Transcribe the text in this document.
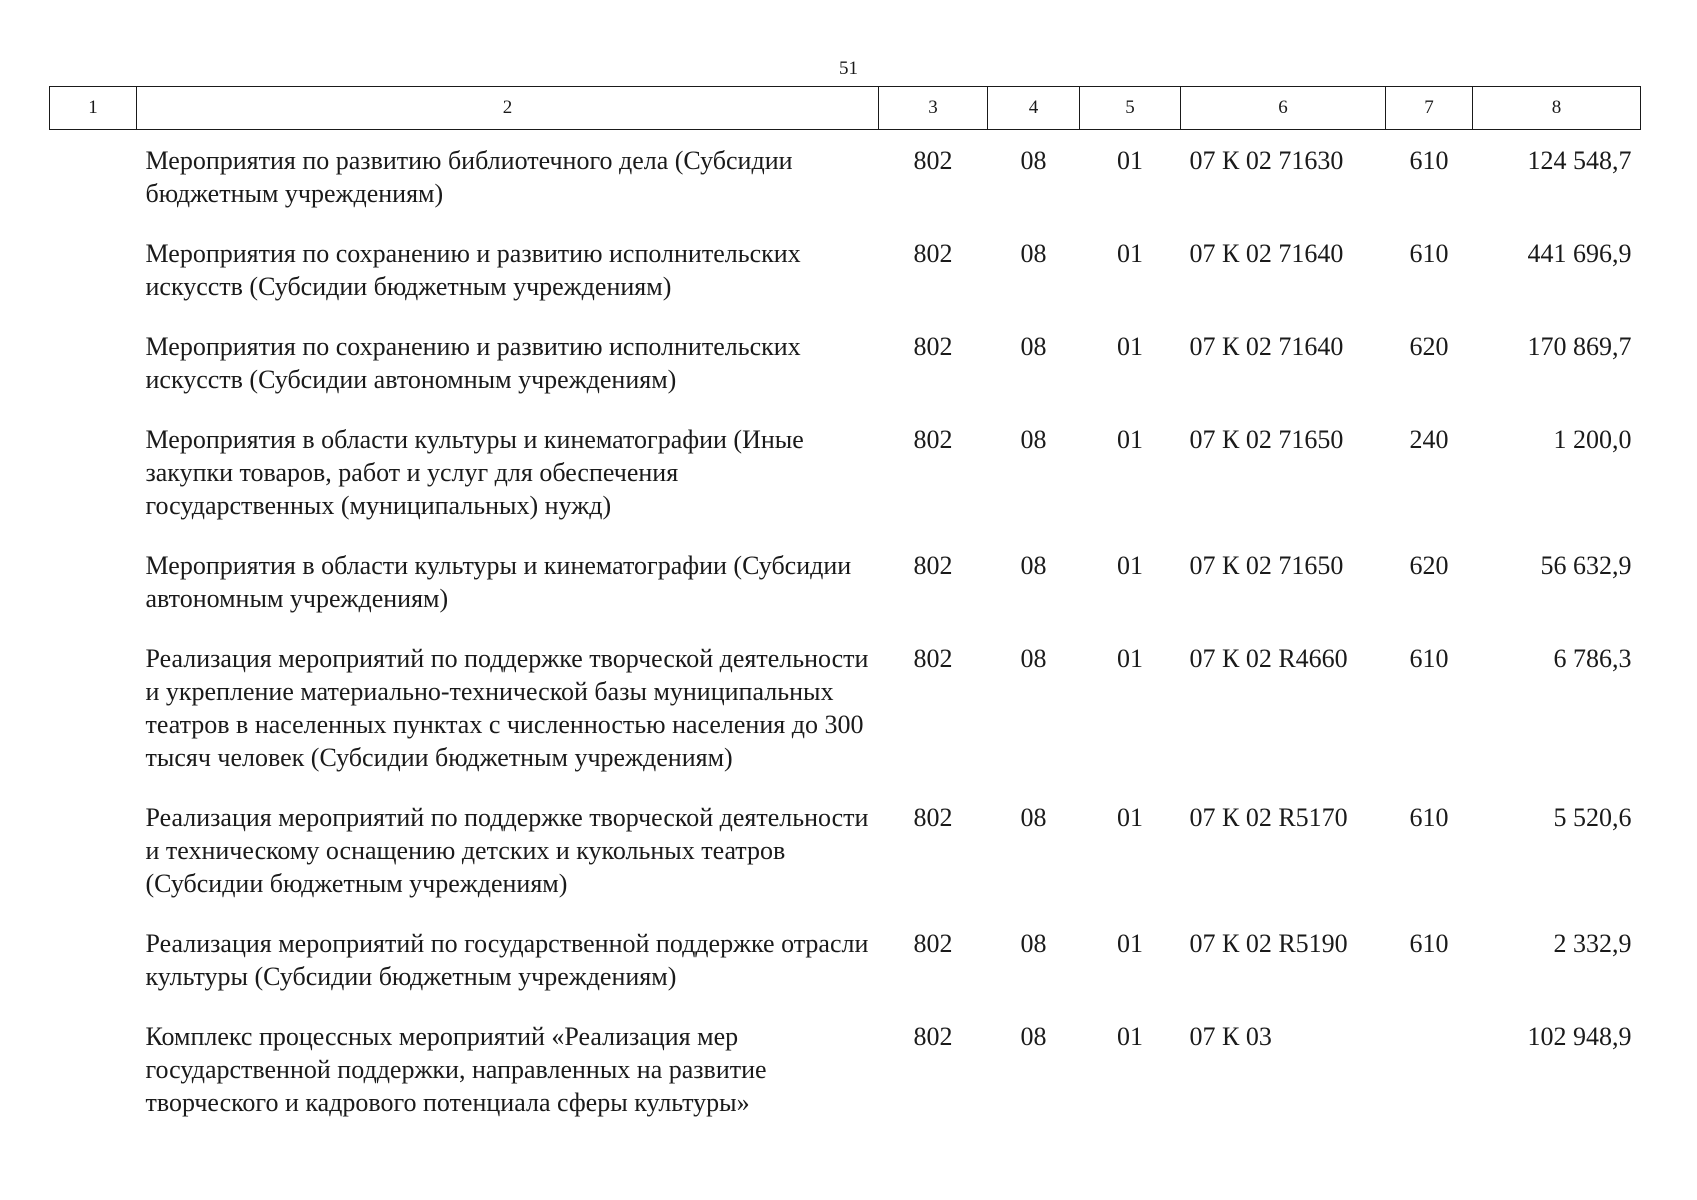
51
1	2	3	4	5	6	7	8
	Мероприятия по развитию библиотечного дела (Субсидии бюджетным учреждениям)	802	08	01	07 К 02 71630	610	124 548,7
	Мероприятия по сохранению и развитию исполнительских искусств (Субсидии бюджетным учреждениям)	802	08	01	07 К 02 71640	610	441 696,9
	Мероприятия по сохранению и развитию исполнительских искусств (Субсидии автономным учреждениям)	802	08	01	07 К 02 71640	620	170 869,7
	Мероприятия в области культуры и кинематографии (Иные закупки товаров, работ и услуг для обеспечения государственных (муниципальных) нужд)	802	08	01	07 К 02 71650	240	1 200,0
	Мероприятия в области культуры и кинематографии (Субсидии автономным учреждениям)	802	08	01	07 К 02 71650	620	56 632,9
	Реализация мероприятий по поддержке творческой деятельности и укрепление материально-технической базы муниципальных театров в населенных пунктах с численностью населения до 300 тысяч человек (Субсидии бюджетным учреждениям)	802	08	01	07 К 02 R4660	610	6 786,3
	Реализация мероприятий по поддержке творческой деятельности и техническому оснащению детских и кукольных театров (Субсидии бюджетным учреждениям)	802	08	01	07 К 02 R5170	610	5 520,6
	Реализация мероприятий по государственной поддержке отрасли культуры (Субсидии бюджетным учреждениям)	802	08	01	07 К 02 R5190	610	2 332,9
	Комплекс процессных мероприятий «Реализация мер государственной поддержки, направленных на развитие творческого и кадрового потенциала сферы культуры»	802	08	01	07 К 03		102 948,9
